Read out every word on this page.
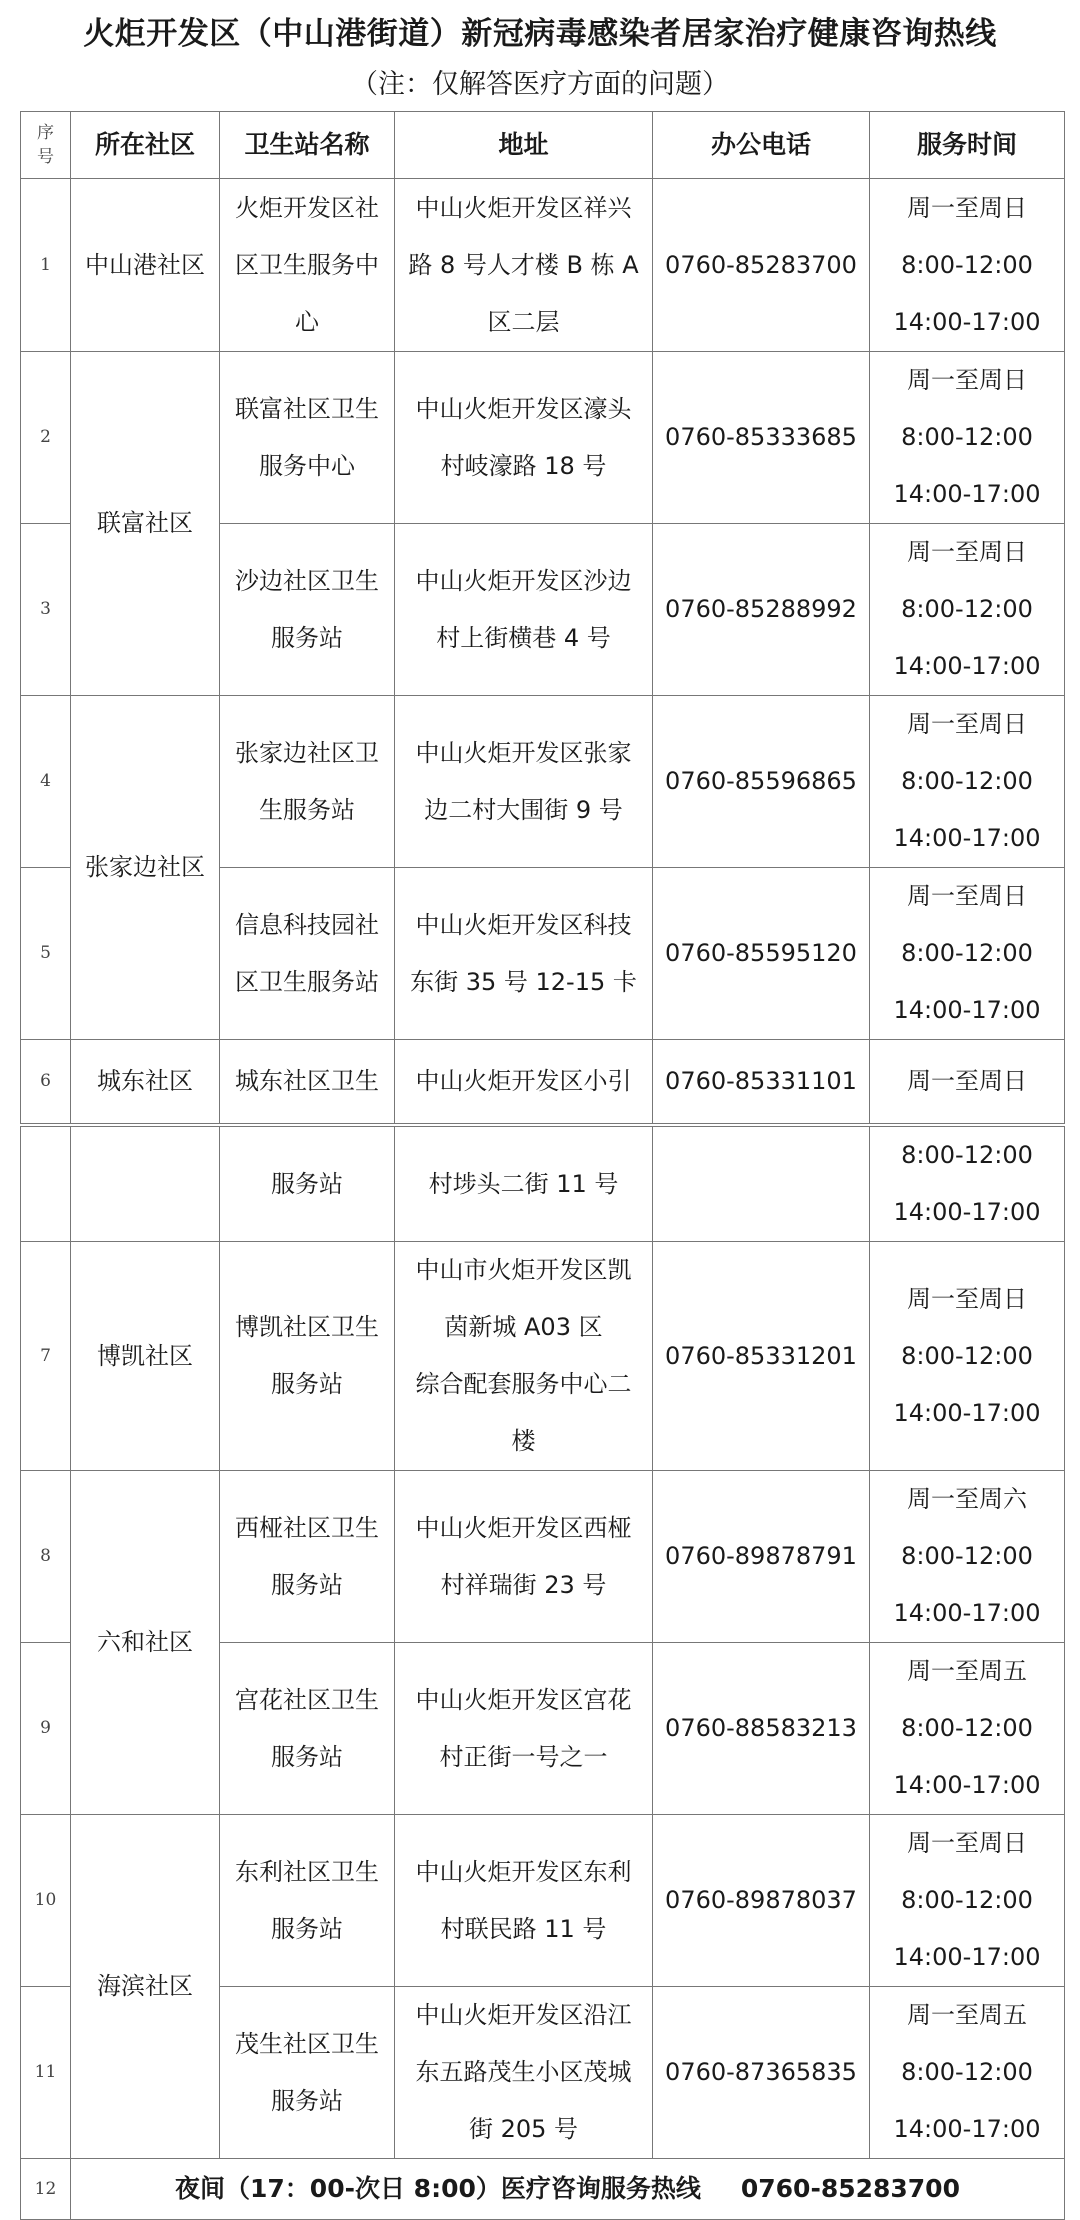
火炬开发区（中山港街道）新冠病毒感染者居家治疗健康咨询热线
（注：仅解答医疗方面的问题）
序号	所在社区	卫生站名称	地址	办公电话	服务时间
1	中山港社区	火炬开发区社
区卫生服务中
心	中山火炬开发区祥兴
路 8 号人才楼 B 栋 A
区二层	0760-85283700	周一至周日
8:00-12:00
14:00-17:00

2	联富社区	联富社区卫生
服务中心	中山火炬开发区濠头
村岐濠路 18 号	0760-85333685	周一至周日
8:00-12:00
14:00-17:00

3		沙边社区卫生
服务站	中山火炬开发区沙边
村上街横巷 4 号	0760-85288992	周一至周日
8:00-12:00
14:00-17:00

4	张家边社区	张家边社区卫
生服务站	中山火炬开发区张家
边二村大围街 9 号	0760-85596865	周一至周日
8:00-12:00
14:00-17:00

5		信息科技园社
区卫生服务站	中山火炬开发区科技
东街 35 号 12-15 卡	0760-85595120	周一至周日
8:00-12:00
14:00-17:00

6	城东社区	城东社区卫生	中山火炬开发区小引	0760-85331101	周一至周日

		服务站	村埗头二街 11 号		8:00-12:00
14:00-17:00

7	博凯社区	博凯社区卫生
服务站	中山市火炬开发区凯
茵新城 A03 区
综合配套服务中心二
楼	0760-85331201	周一至周日
8:00-12:00
14:00-17:00

8	六和社区	西桠社区卫生
服务站	中山火炬开发区西桠
村祥瑞街 23 号	0760-89878791	周一至周六
8:00-12:00
14:00-17:00

9		宫花社区卫生
服务站	中山火炬开发区宫花
村正街一号之一	0760-88583213	周一至周五
8:00-12:00
14:00-17:00

10	海滨社区	东利社区卫生
服务站	中山火炬开发区东利
村联民路 11 号	0760-89878037	周一至周日
8:00-12:00
14:00-17:00

11		茂生社区卫生
服务站	中山火炬开发区沿江
东五路茂生小区茂城
街 205 号	0760-87365835	周一至周五
8:00-12:00
14:00-17:00

12	夜间（17：00-次日 8:00）医疗咨询服务热线 0760-85283700				
